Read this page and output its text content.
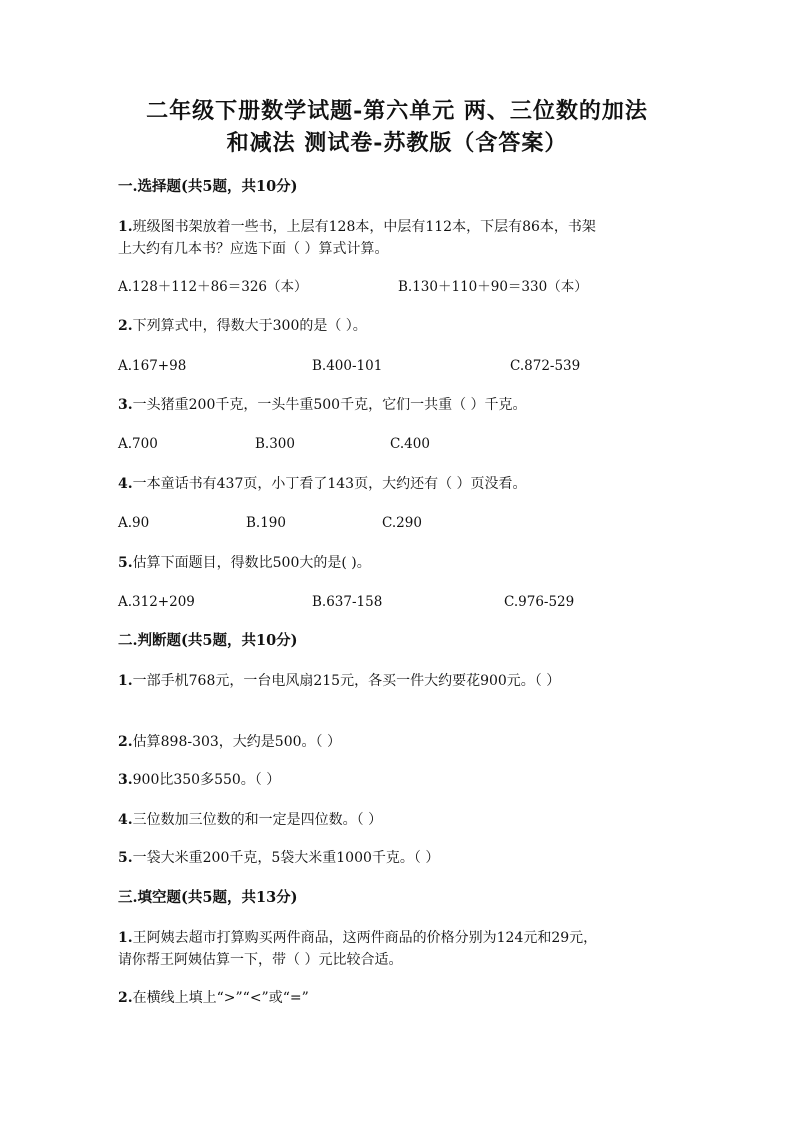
二年级下册数学试题-第六单元 两、三位数的加法
和减法 测试卷-苏教版（含答案）
一.选择题(共5题，共10分)
1.班级图书架放着一些书，上层有128本，中层有112本，下层有86本，书架
上大约有几本书？应选下面（ ）算式计算。
A.128＋112＋86＝326（本）	B.130＋110＋90＝330（本）
2.下列算式中，得数大于300的是（ ）。
A.167+98	B.400-101	C.872-539
3.一头猪重200千克，一头牛重500千克，它们一共重（ ）千克。
A.700	B.300	C.400
4.一本童话书有437页，小丁看了143页，大约还有（ ）页没看。
A.90	B.190	C.290
5.估算下面题目，得数比500大的是( )。
A.312+209	B.637-158	C.976-529
二.判断题(共5题，共10分)
1.一部手机768元，一台电风扇215元，各买一件大约要花900元。（ ）
2.估算898-303，大约是500。（ ）
3.900比350多550。（ ）
4.三位数加三位数的和一定是四位数。（ ）
5.一袋大米重200千克，5袋大米重1000千克。（ ）
三.填空题(共5题，共13分)
1.王阿姨去超市打算购买两件商品，这两件商品的价格分别为124元和29元，
请你帮王阿姨估算一下，带（ ）元比较合适。
2.在横线上填上“>”“<”或“=”
